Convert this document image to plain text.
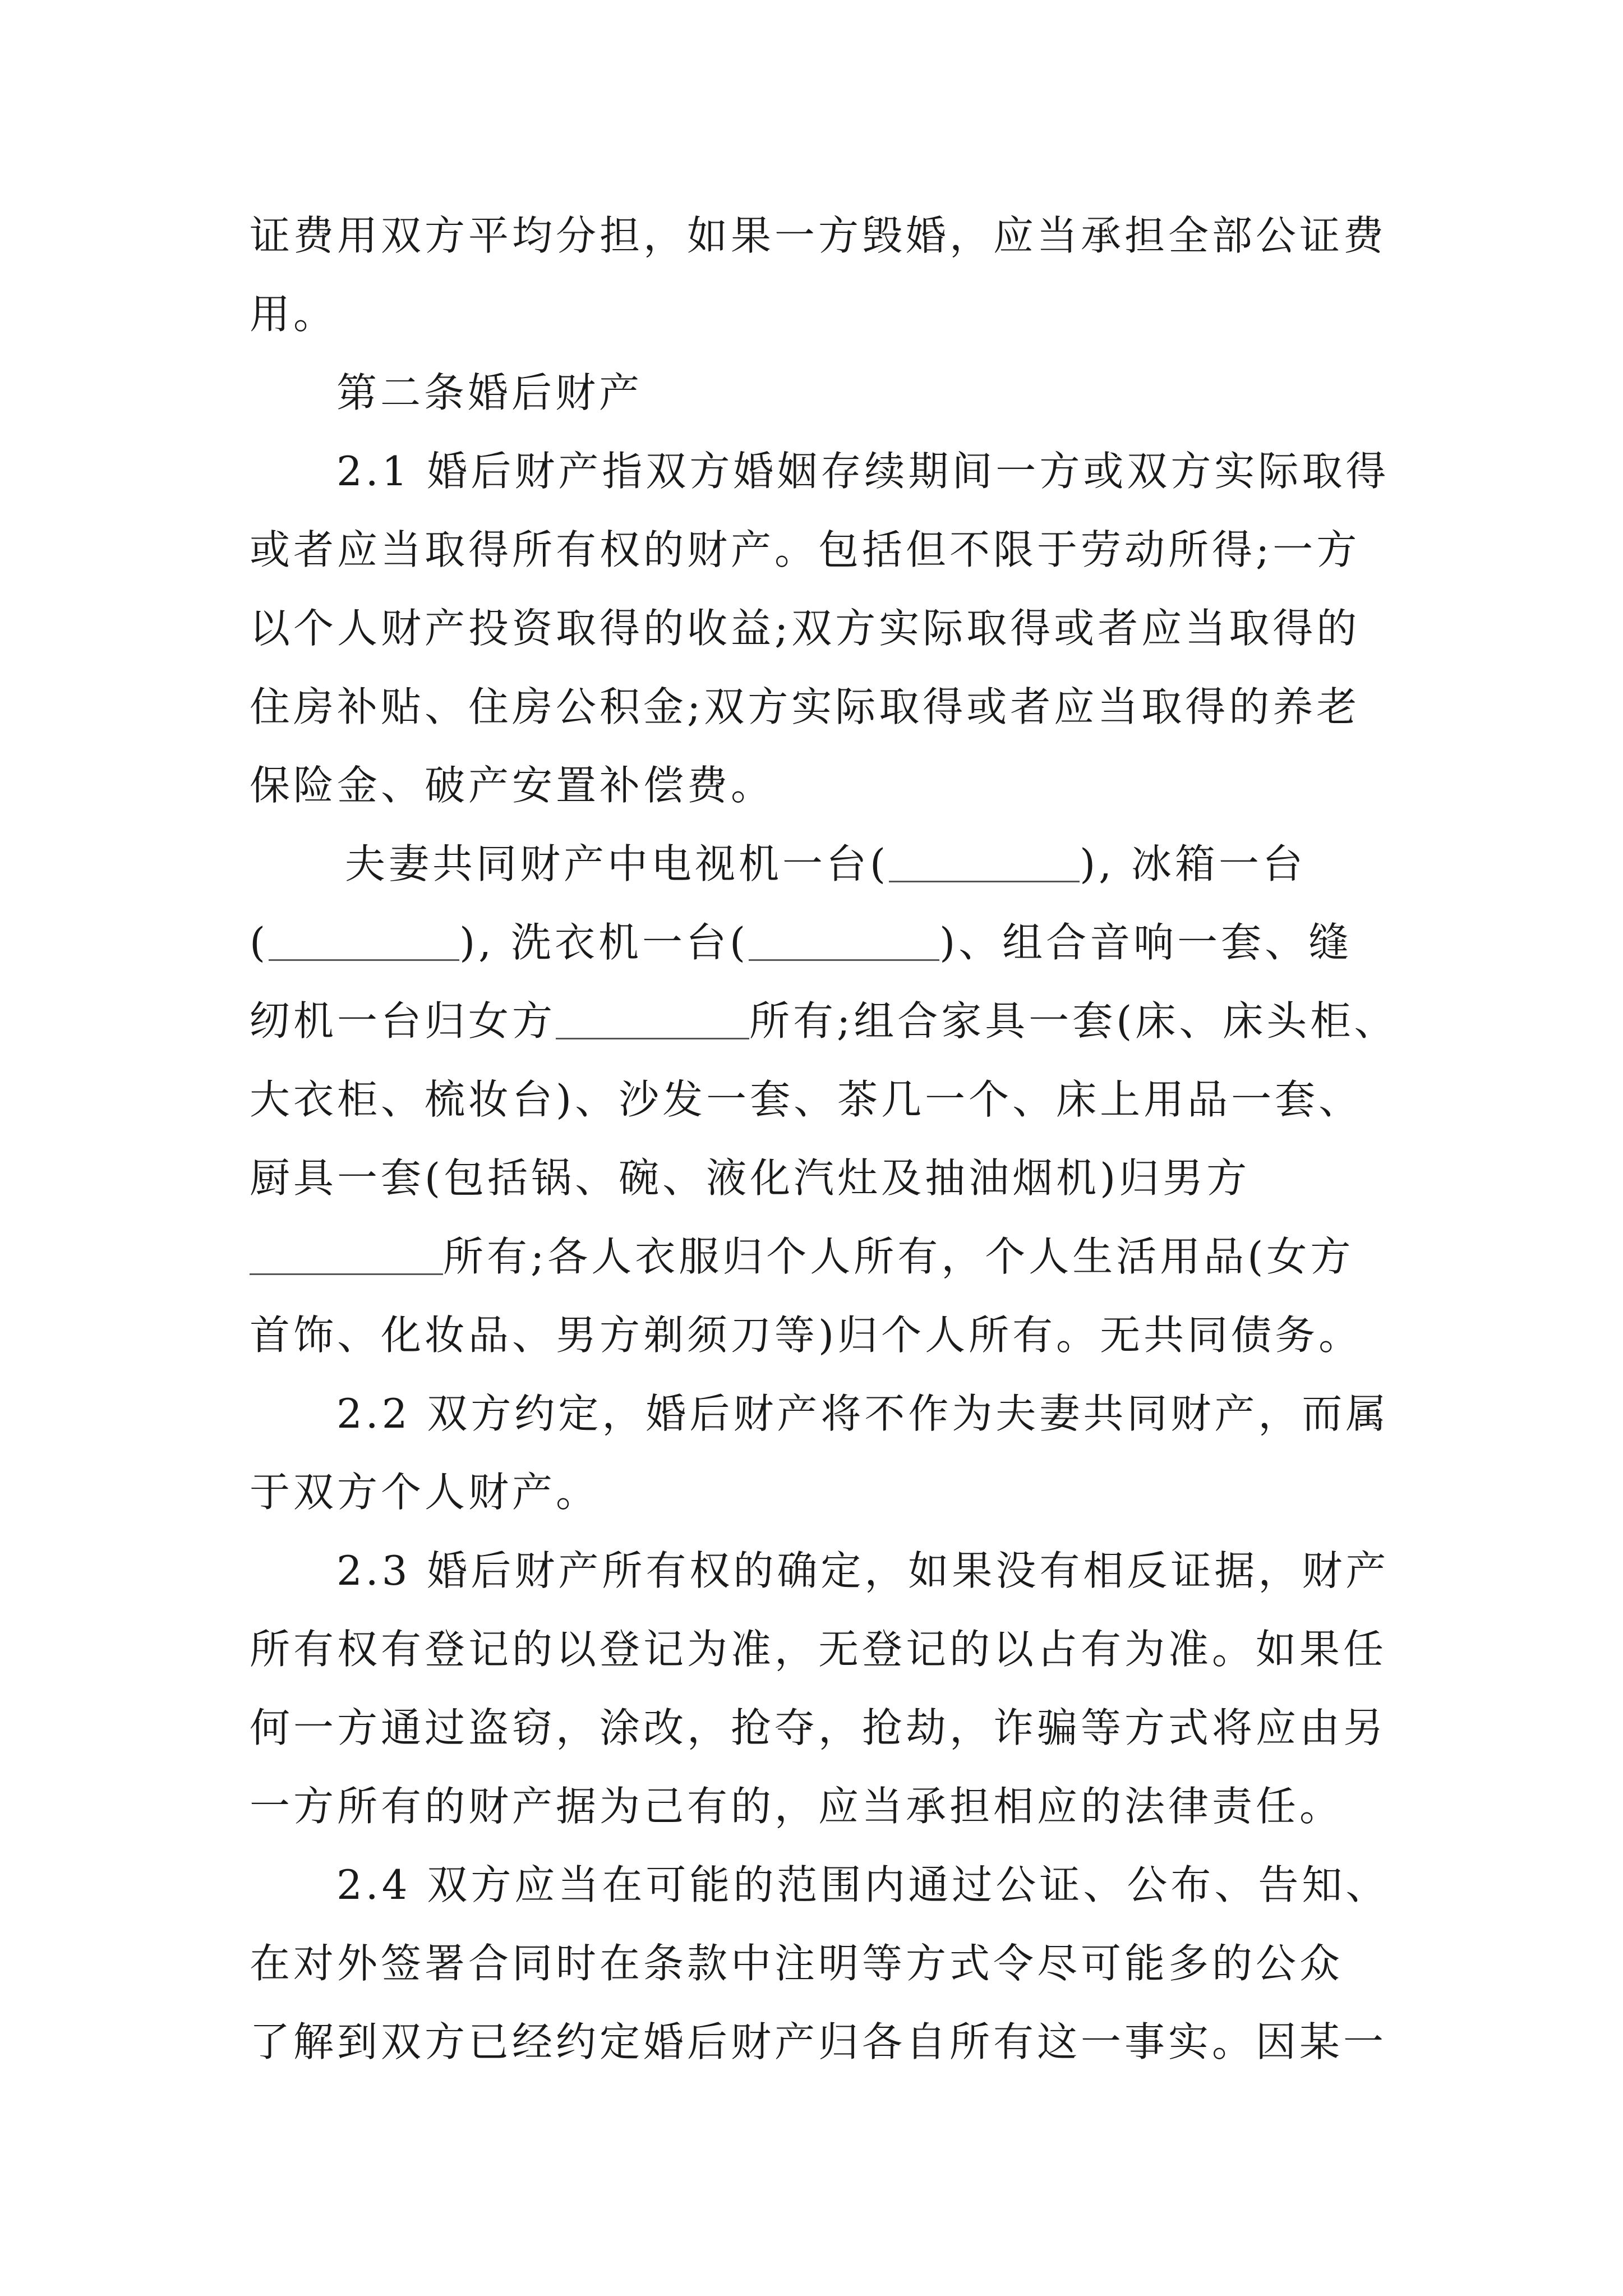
证费用双方平均分担，如果一方毁婚，应当承担全部公证费
用。
第二条婚后财产
2.1 婚后财产指双方婚姻存续期间一方或双方实际取得
或者应当取得所有权的财产。包括但不限于劳动所得;一方
以个人财产投资取得的收益;双方实际取得或者应当取得的
住房补贴、住房公积金;双方实际取得或者应当取得的养老
保险金、破产安置补偿费。
夫妻共同财产中电视机一台(	), 冰箱一台
(	), 洗衣机一台(	)、组合音响一套、缝
纫机一台归女方	所有;组合家具一套(床、床头柜、
大衣柜、梳妆台)、沙发一套、茶几一个、床上用品一套、
厨具一套(包括锅、碗、液化汽灶及抽油烟机)归男方
所有;各人衣服归个人所有，个人生活用品(女方
首饰、化妆品、男方剃须刀等)归个人所有。无共同债务。
2.2 双方约定，婚后财产将不作为夫妻共同财产，而属
于双方个人财产。
2.3 婚后财产所有权的确定，如果没有相反证据，财产
所有权有登记的以登记为准，无登记的以占有为准。如果任
何一方通过盗窃，涂改，抢夺，抢劫，诈骗等方式将应由另
一方所有的财产据为己有的，应当承担相应的法律责任。
2.4 双方应当在可能的范围内通过公证、公布、告知、
在对外签署合同时在条款中注明等方式令尽可能多的公众
了解到双方已经约定婚后财产归各自所有这一事实。因某一
